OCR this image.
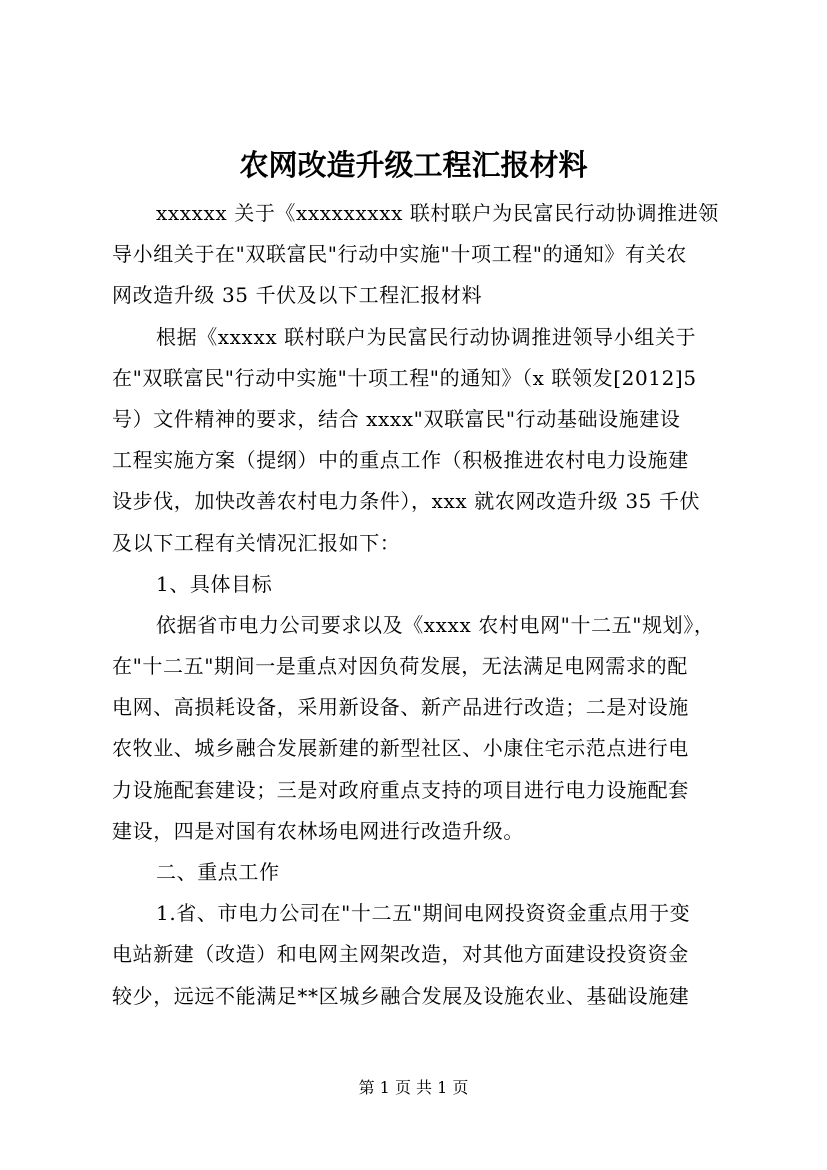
农网改造升级工程汇报材料
xxxxxx 关于《xxxxxxxxx 联村联户为民富民行动协调推进领
导小组关于在"双联富民"行动中实施"十项工程"的通知》有关农
网改造升级 35 千伏及以下工程汇报材料
根据《xxxxx 联村联户为民富民行动协调推进领导小组关于
在"双联富民"行动中实施"十项工程"的通知》（x 联领发[2012]5
号）文件精神的要求，结合 xxxx"双联富民"行动基础设施建设
工程实施方案（提纲）中的重点工作（积极推进农村电力设施建
设步伐，加快改善农村电力条件），xxx 就农网改造升级 35 千伏
及以下工程有关情况汇报如下：
1、具体目标
依据省市电力公司要求以及《xxxx 农村电网"十二五"规划》，
在"十二五"期间一是重点对因负荷发展，无法满足电网需求的配
电网、高损耗设备，采用新设备、新产品进行改造；二是对设施
农牧业、城乡融合发展新建的新型社区、小康住宅示范点进行电
力设施配套建设；三是对政府重点支持的项目进行电力设施配套
建设，四是对国有农林场电网进行改造升级。
二、重点工作
1.省、市电力公司在"十二五"期间电网投资资金重点用于变
电站新建（改造）和电网主网架改造，对其他方面建设投资资金
较少，远远不能满足**区城乡融合发展及设施农业、基础设施建
第 1 页 共 1 页
